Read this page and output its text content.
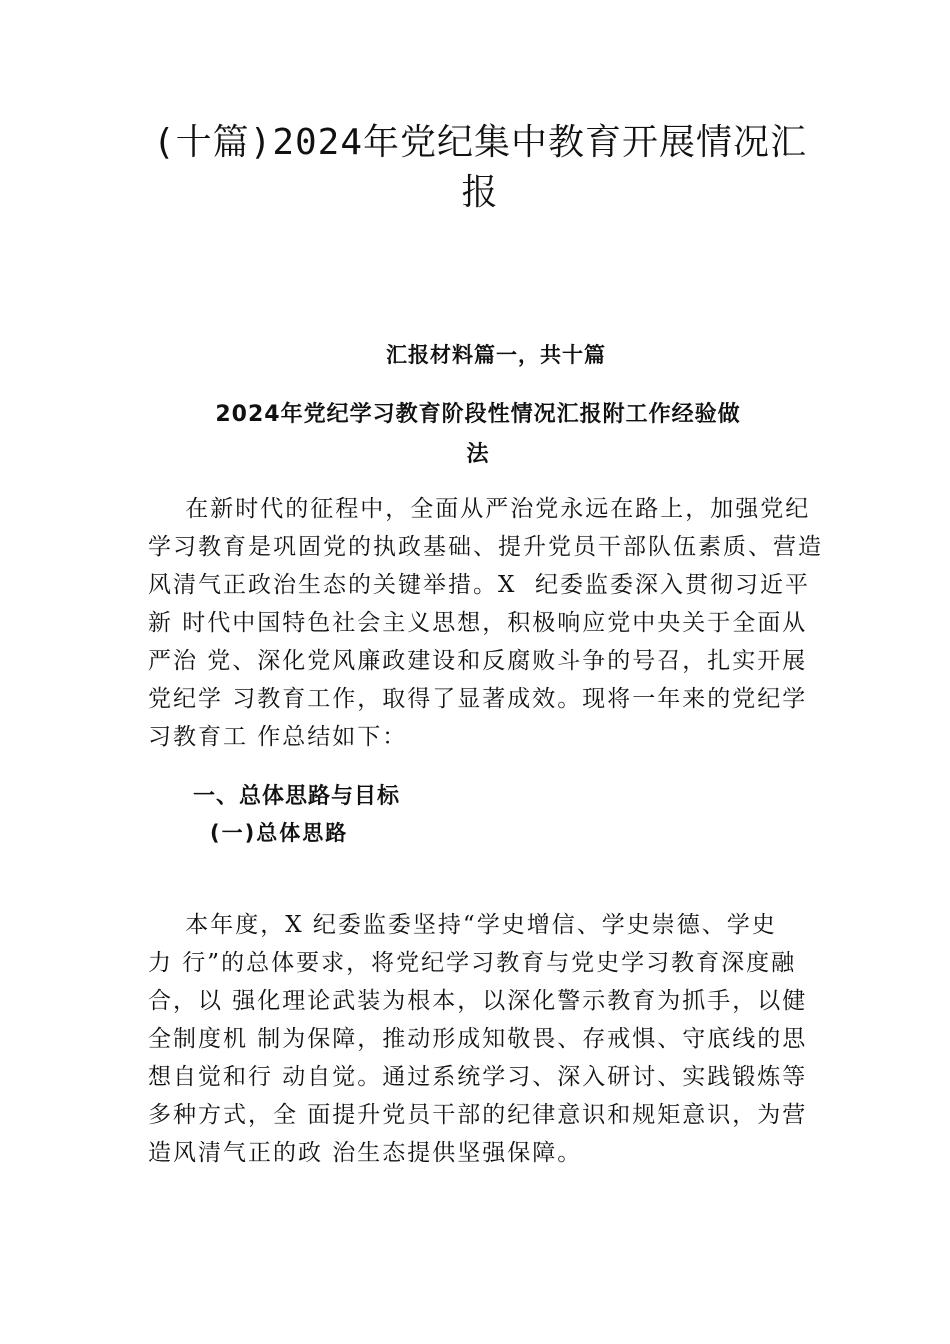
(十篇)2024年党纪集中教育开展情况汇
报

汇报材料篇一，共十篇

2024年党纪学习教育阶段性情况汇报附工作经验做
法

在新时代的征程中，全面从严治党永远在路上，加强党纪
学习教育是巩固党的执政基础、提升党员干部队伍素质、营造
风清气正政治生态的关键举措。X  纪委监委深入贯彻习近平
新 时代中国特色社会主义思想，积极响应党中央关于全面从
严治 党、深化党风廉政建设和反腐败斗争的号召，扎实开展
党纪学 习教育工作，取得了显著成效。现将一年来的党纪学
习教育工 作总结如下：

一、总体思路与目标
(一)总体思路

本年度，X 纪委监委坚持“学史增信、学史崇德、学史
力 行”的总体要求，将党纪学习教育与党史学习教育深度融
合，以 强化理论武装为根本，以深化警示教育为抓手，以健
全制度机 制为保障，推动形成知敬畏、存戒惧、守底线的思
想自觉和行 动自觉。通过系统学习、深入研讨、实践锻炼等
多种方式，全 面提升党员干部的纪律意识和规矩意识，为营
造风清气正的政 治生态提供坚强保障。
